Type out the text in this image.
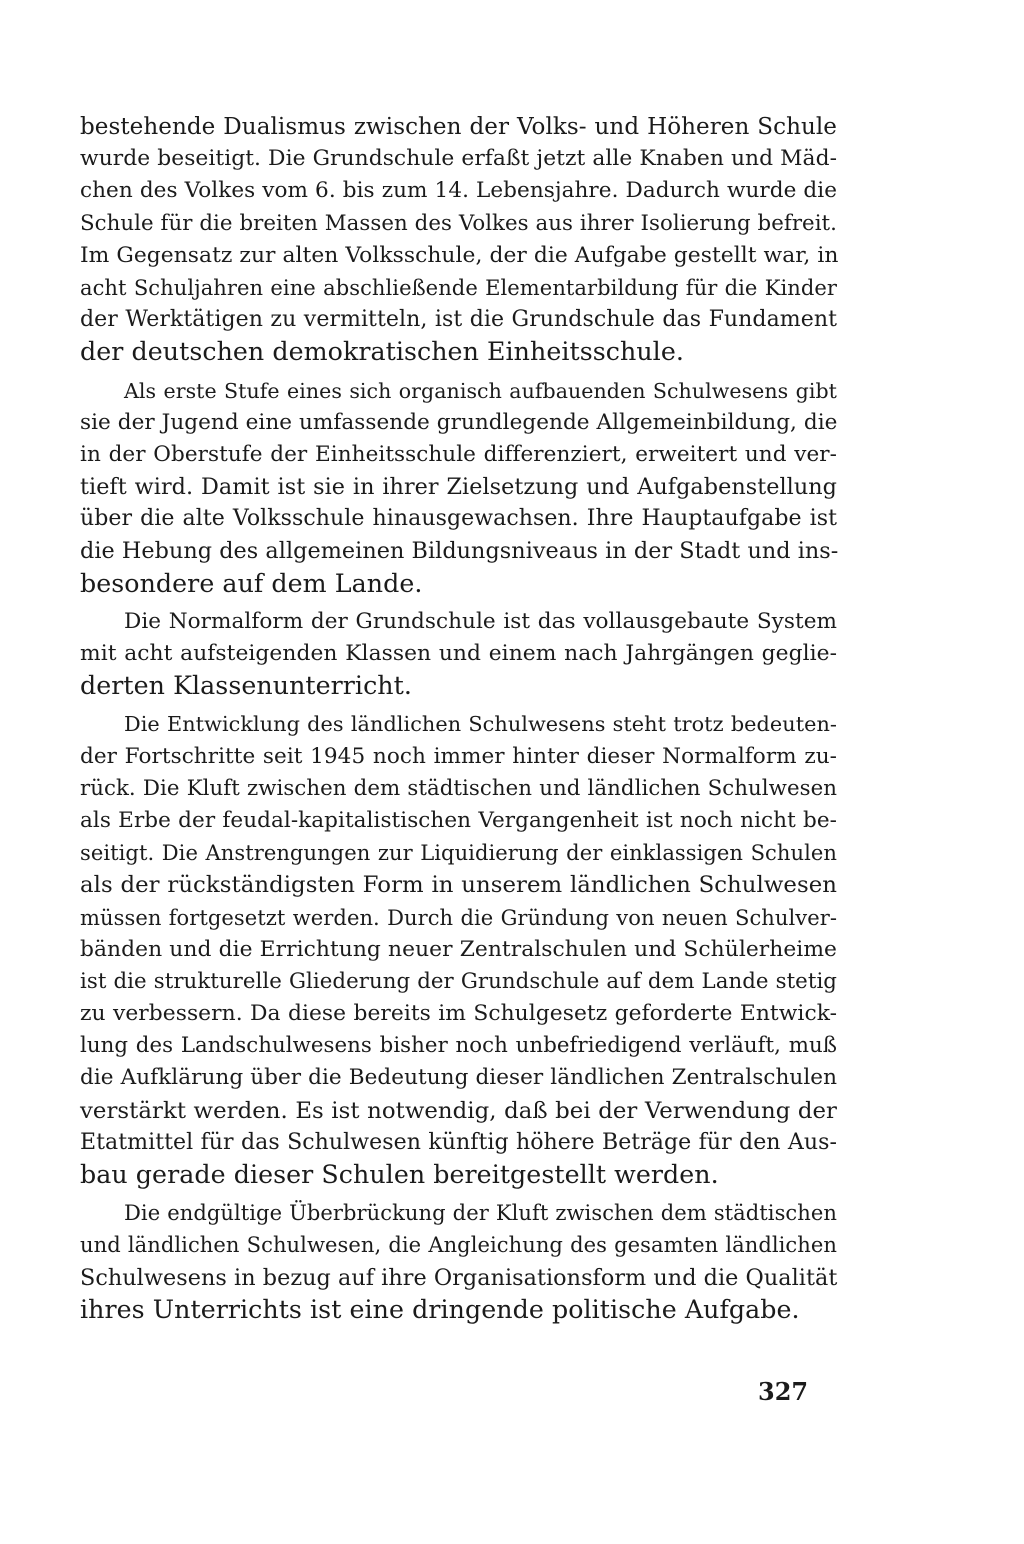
bestehende Dualismus zwischen der Volks- und Höheren Schule
wurde beseitigt. Die Grundschule erfaßt jetzt alle Knaben und Mäd-
chen des Volkes vom 6. bis zum 14. Lebensjahre. Dadurch wurde die
Schule für die breiten Massen des Volkes aus ihrer Isolierung befreit.
Im Gegensatz zur alten Volksschule, der die Aufgabe gestellt war, in
acht Schuljahren eine abschließende Elementarbildung für die Kinder
der Werktätigen zu vermitteln, ist die Grundschule das Fundament
der deutschen demokratischen Einheitsschule.
Als erste Stufe eines sich organisch aufbauenden Schulwesens gibt
sie der Jugend eine umfassende grundlegende Allgemeinbildung, die
in der Oberstufe der Einheitsschule differenziert, erweitert und ver-
tieft wird. Damit ist sie in ihrer Zielsetzung und Aufgabenstellung
über die alte Volksschule hinausgewachsen. Ihre Hauptaufgabe ist
die Hebung des allgemeinen Bildungsniveaus in der Stadt und ins-
besondere auf dem Lande.
Die Normalform der Grundschule ist das vollausgebaute System
mit acht aufsteigenden Klassen und einem nach Jahrgängen geglie-
derten Klassenunterricht.
Die Entwicklung des ländlichen Schulwesens steht trotz bedeuten-
der Fortschritte seit 1945 noch immer hinter dieser Normalform zu-
rück. Die Kluft zwischen dem städtischen und ländlichen Schulwesen
als Erbe der feudal-kapitalistischen Vergangenheit ist noch nicht be-
seitigt. Die Anstrengungen zur Liquidierung der einklassigen Schulen
als der rückständigsten Form in unserem ländlichen Schulwesen
müssen fortgesetzt werden. Durch die Gründung von neuen Schulver-
bänden und die Errichtung neuer Zentralschulen und Schülerheime
ist die strukturelle Gliederung der Grundschule auf dem Lande stetig
zu verbessern. Da diese bereits im Schulgesetz geforderte Entwick-
lung des Landschulwesens bisher noch unbefriedigend verläuft, muß
die Aufklärung über die Bedeutung dieser ländlichen Zentralschulen
verstärkt werden. Es ist notwendig, daß bei der Verwendung der
Etatmittel für das Schulwesen künftig höhere Beträge für den Aus-
bau gerade dieser Schulen bereitgestellt werden.
Die endgültige Überbrückung der Kluft zwischen dem städtischen
und ländlichen Schulwesen, die Angleichung des gesamten ländlichen
Schulwesens in bezug auf ihre Organisationsform und die Qualität
ihres Unterrichts ist eine dringende politische Aufgabe.
327
